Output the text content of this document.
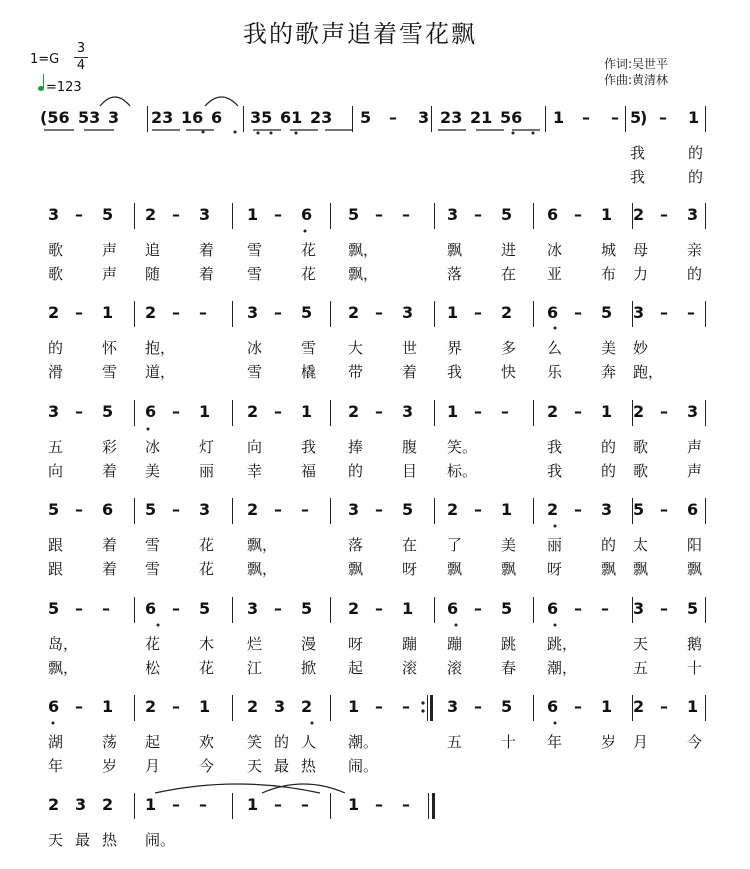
我的歌声追着雪花飘
1=G
3
4
=123
作词:吴世平
作曲:黄清林
(56 53 3 23 16 6 35 61 23 5 – 3 23 21 56 1 – – )
5 – 1
我	的
我	的
3 – 5 2 – 3 1 – 6 5 – – 3 – 5 6 – 1 2 – 3
歌	声 追	着 雪	花 飘，	飘	进 冰	城 母	亲
歌	声 随	着 雪	花 飘，	落	在 亚	布 力	的
2 – 1 2 – –	3 – 5 2 – 3 1 – 2 6 – 5 3 – –
的	怀 抱，	冰	雪 大	世 界	多 么	美 妙
滑	雪 道，	雪	橇 带	着 我	快 乐	奔 跑，
3 – 5 6 – 1 2 – 1 2 – 3 1 – – 2 – 1 2 – 3
五	彩 冰	灯 向	我 捧	腹 笑。	我	的 歌	声
向	着 美	丽 幸	福 的	目 标。	我	的 歌	声
5 – 6 5 – 3 2 – – 3 – 5 2 – 1 2 – 3 5 – 6
跟	着 雪	花 飘，	落	在 了	美 丽	的 太	阳
跟	着 雪	花 飘，	飘	呀 飘	飘 呀	飘 飘	飘
5 – – 6 – 5 3 – 5 2 – 1 6 – 5 6 – – 3 – 5
岛，	花	木 烂	漫 呀	蹦 蹦	跳 跳，	天	鹅
飘，	松	花 江	掀 起	滚 滚	春 潮，	五	十
6 – 1 2 – 1 2 3 2 1 – – 3 – 5 6 – 1 2 – 1
湖	荡 起	欢 笑 的 人 潮。	五	十 年	岁 月	今
年	岁 月	今 天 最 热 闹。
2 3 2 1 – –	1 – – 1 – –
天 最 热 闹。
